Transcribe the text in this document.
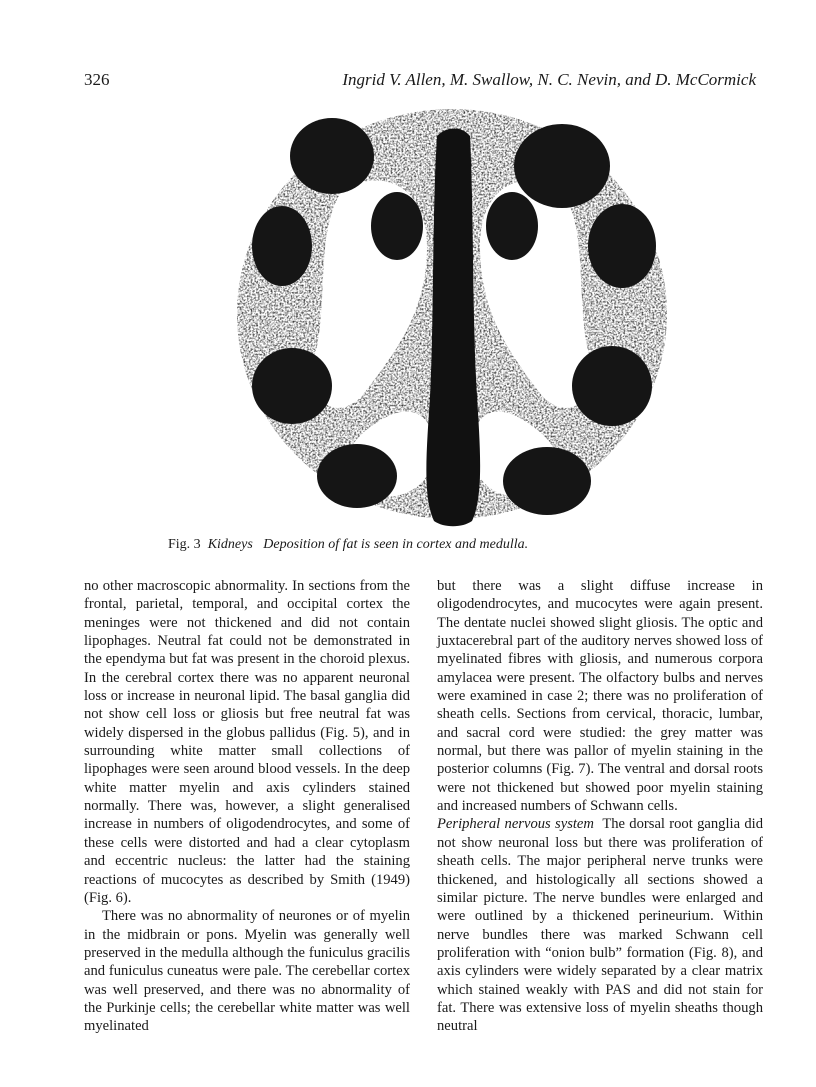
326	Ingrid V. Allen, M. Swallow, N. C. Nevin, and D. McCormick
Fig. 3 Kidneys Deposition of fat is seen in cortex and medulla.

no other macroscopic abnormality. In sections from the frontal, parietal, temporal, and occipital cortex the meninges were not thickened and did not contain lipophages. Neutral fat could not be demonstrated in the ependyma but fat was present in the choroid plexus. In the cerebral cortex there was no apparent neuronal loss or increase in neuronal lipid. The basal ganglia did not show cell loss or gliosis but free neutral fat was widely dispersed in the globus pallidus (Fig. 5), and in surrounding white matter small collections of lipophages were seen around blood vessels. In the deep white matter myelin and axis cylinders stained normally. There was, however, a slight generalised increase in numbers of oligodendrocytes, and some of these cells were distorted and had a clear cytoplasm and eccentric nucleus: the latter had the staining reactions of mucocytes as described by Smith (1949) (Fig. 6).

There was no abnormality of neurones or of myelin in the midbrain or pons. Myelin was generally well preserved in the medulla although the funiculus gracilis and funiculus cuneatus were pale. The cerebellar cortex was well preserved, and there was no abnormality of the Purkinje cells; the cerebellar white matter was well myelinated

but there was a slight diffuse increase in oligodendrocytes, and mucocytes were again present. The dentate nuclei showed slight gliosis. The optic and juxtacerebral part of the auditory nerves showed loss of myelinated fibres with gliosis, and numerous corpora amylacea were present. The olfactory bulbs and nerves were examined in case 2; there was no proliferation of sheath cells. Sections from cervical, thoracic, lumbar, and sacral cord were studied: the grey matter was normal, but there was pallor of myelin staining in the posterior columns (Fig. 7). The ventral and dorsal roots were not thickened but showed poor myelin staining and increased numbers of Schwann cells.

Peripheral nervous system The dorsal root ganglia did not show neuronal loss but there was proliferation of sheath cells. The major peripheral nerve trunks were thickened, and histologically all sections showed a similar picture. The nerve bundles were enlarged and were outlined by a thickened perineurium. Within nerve bundles there was marked Schwann cell proliferation with “onion bulb” formation (Fig. 8), and axis cylinders were widely separated by a clear matrix which stained weakly with PAS and did not stain for fat. There was extensive loss of myelin sheaths though neutral
